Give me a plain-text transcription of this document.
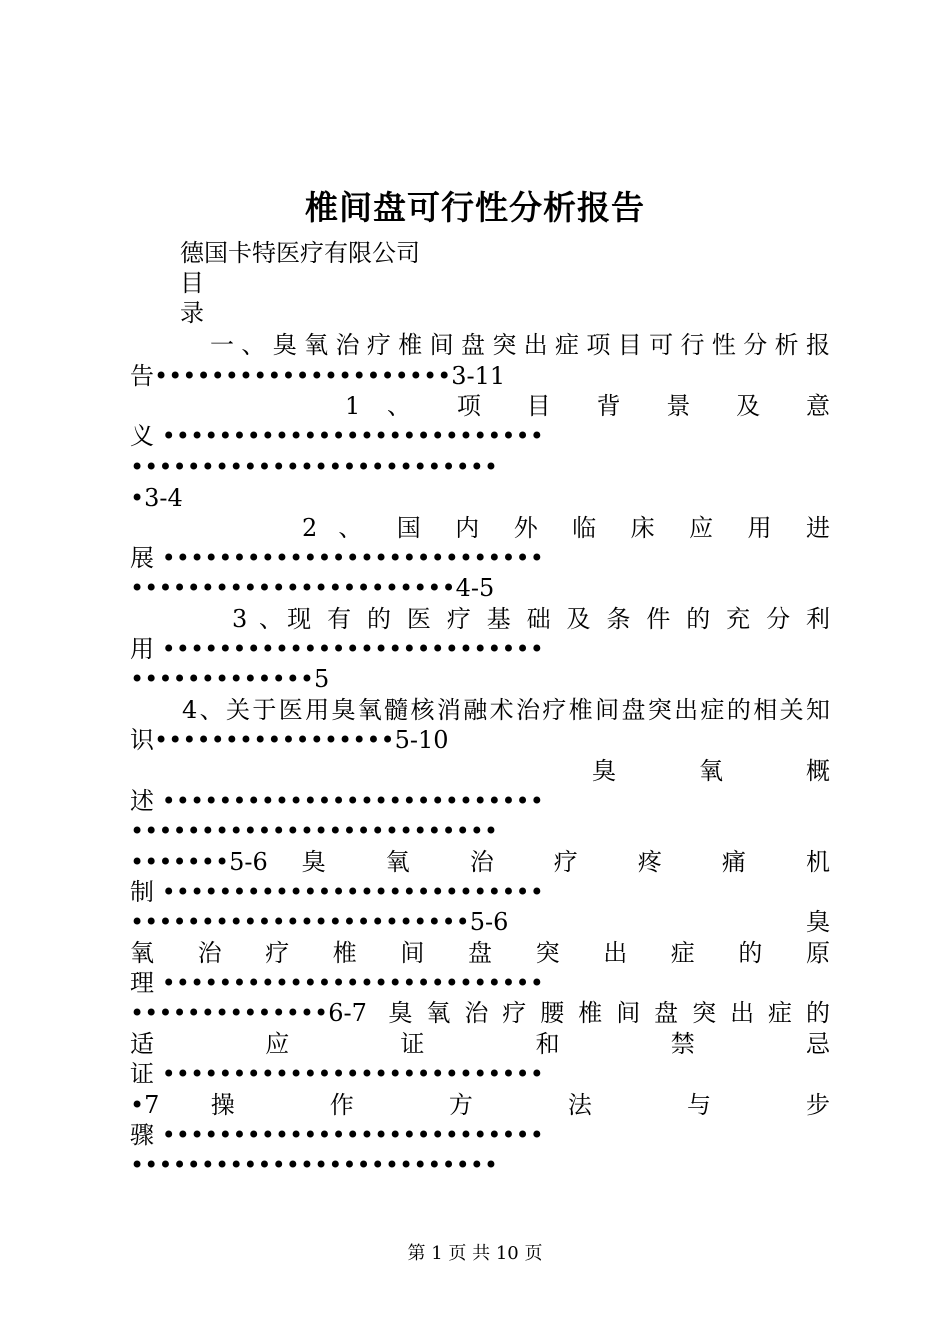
椎间盘可行性分析报告
德国卡特医疗有限公司
目
录
一、臭氧治疗椎间盘突出症项目可行性分析报
告•••••••••••••••••••••3-11
1 、 项 目 背 景 及 意
义 •••••••••••••••••••••••••••
••••••••••••••••••••••••••
•3-4
2 、 国 内 外 临 床 应 用 进
展 •••••••••••••••••••••••••••
•••••••••••••••••••••••4-5
3 、现 有 的 医 疗 基 础 及 条 件 的 充 分 利
用 •••••••••••••••••••••••••••
•••••••••••••5
4、关于医用臭氧髓核消融术治疗椎间盘突出症的相关知
识•••••••••••••••••5-10
臭 氧 概
述 •••••••••••••••••••••••••••
••••••••••••••••••••••••••
•••••••5-6 臭 氧 治 疗 疼 痛 机
制 •••••••••••••••••••••••••••
••••••••••••••••••••••••5-6 臭
氧 治 疗 椎 间 盘 突 出 症 的 原
理 •••••••••••••••••••••••••••
••••••••••••••6-7 臭氧治疗腰椎间盘突出症的
适 应 证 和 禁 忌
证 •••••••••••••••••••••••••••
•7 操 作 方 法 与 步
骤 •••••••••••••••••••••••••••
••••••••••••••••••••••••••
第 1 页 共 10 页
